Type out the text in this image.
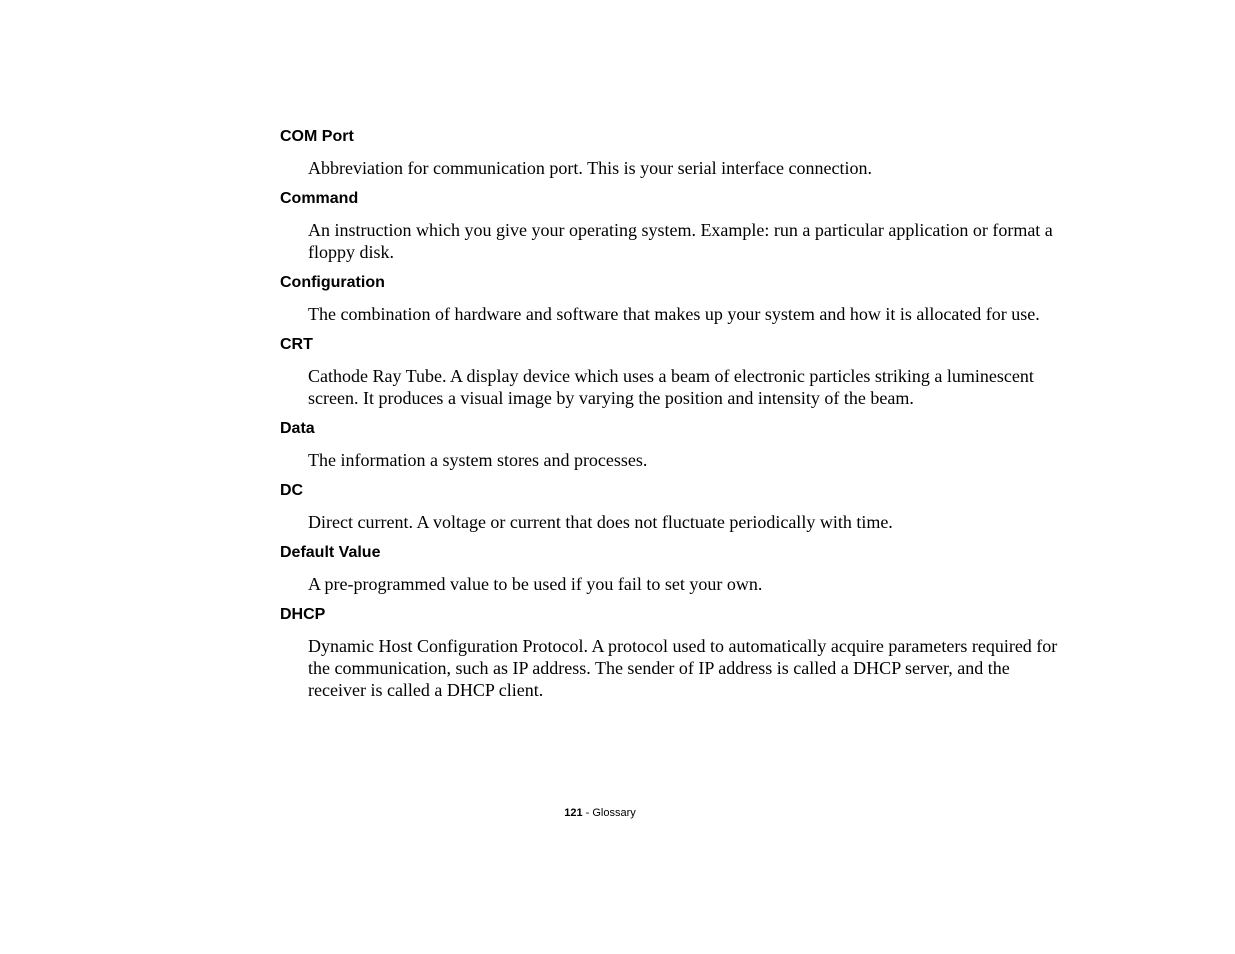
COM Port

Abbreviation for communication port. This is your serial interface connection.

Command

An instruction which you give your operating system. Example: run a particular application or format a floppy disk.

Configuration

The combination of hardware and software that makes up your system and how it is allocated for use.

CRT

Cathode Ray Tube. A display device which uses a beam of electronic particles striking a luminescent screen. It produces a visual image by varying the position and intensity of the beam.

Data

The information a system stores and processes.

DC

Direct current. A voltage or current that does not fluctuate periodically with time.

Default Value

A pre-programmed value to be used if you fail to set your own.

DHCP

Dynamic Host Configuration Protocol. A protocol used to automatically acquire parameters required for the communication, such as IP address. The sender of IP address is called a DHCP server, and the receiver is called a DHCP client.

121 - Glossary
